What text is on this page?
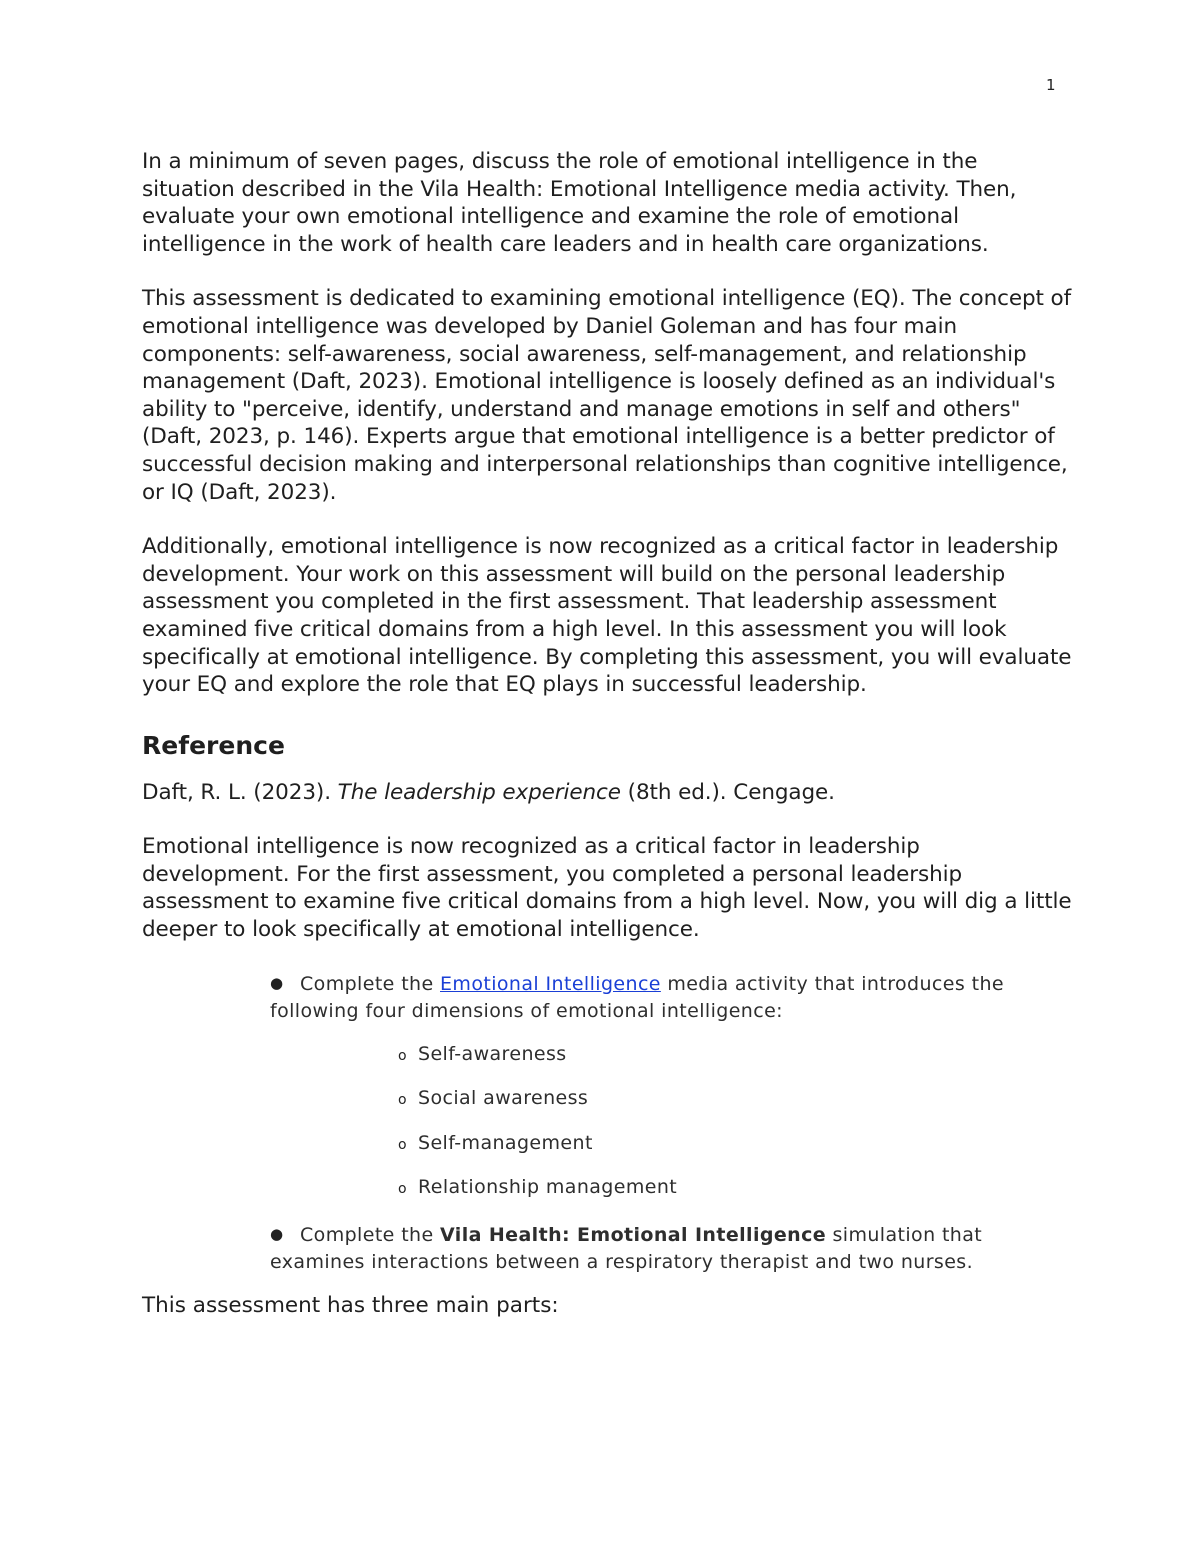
1

In a minimum of seven pages, discuss the role of emotional intelligence in the situation described in the Vila Health: Emotional Intelligence media activity. Then, evaluate your own emotional intelligence and examine the role of emotional intelligence in the work of health care leaders and in health care organizations.

This assessment is dedicated to examining emotional intelligence (EQ). The concept of emotional intelligence was developed by Daniel Goleman and has four main components: self-awareness, social awareness, self-management, and relationship management (Daft, 2023). Emotional intelligence is loosely defined as an individual's ability to "perceive, identify, understand and manage emotions in self and others" (Daft, 2023, p. 146). Experts argue that emotional intelligence is a better predictor of successful decision making and interpersonal relationships than cognitive intelligence, or IQ (Daft, 2023).

Additionally, emotional intelligence is now recognized as a critical factor in leadership development. Your work on this assessment will build on the personal leadership assessment you completed in the first assessment. That leadership assessment examined five critical domains from a high level. In this assessment you will look specifically at emotional intelligence. By completing this assessment, you will evaluate your EQ and explore the role that EQ plays in successful leadership.

Reference

Daft, R. L. (2023). The leadership experience (8th ed.). Cengage.

Emotional intelligence is now recognized as a critical factor in leadership development. For the first assessment, you completed a personal leadership assessment to examine five critical domains from a high level. Now, you will dig a little deeper to look specifically at emotional intelligence.

● Complete the Emotional Intelligence media activity that introduces the following four dimensions of emotional intelligence:
o Self-awareness
o Social awareness
o Self-management
o Relationship management
● Complete the Vila Health: Emotional Intelligence simulation that examines interactions between a respiratory therapist and two nurses.

This assessment has three main parts:
